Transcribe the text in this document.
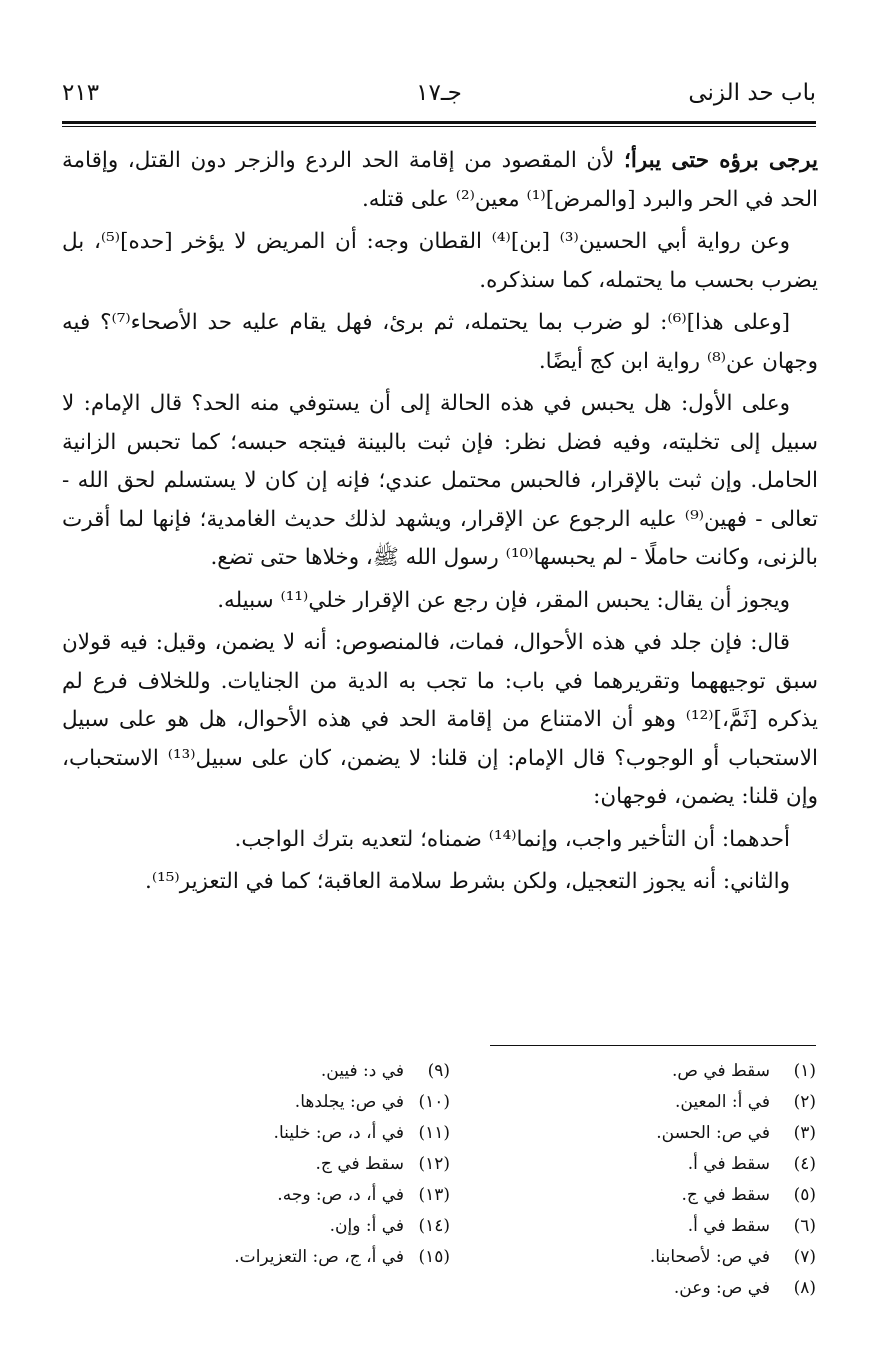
باب حد الزنى
جـ١٧
٢١٣

يرجى برؤه حتى يبرأ؛ لأن المقصود من إقامة الحد الردع والزجر دون القتل، وإقامة الحد في الحر والبرد [والمرض]⁽¹⁾ معين⁽²⁾ على قتله.

وعن رواية أبي الحسين⁽³⁾ [بن]⁽⁴⁾ القطان وجه: أن المريض لا يؤخر [حده]⁽⁵⁾، بل يضرب بحسب ما يحتمله، كما سنذكره.

[وعلى هذا]⁽⁶⁾: لو ضرب بما يحتمله، ثم برئ، فهل يقام عليه حد الأصحاء⁽⁷⁾؟ فيه وجهان عن⁽⁸⁾ رواية ابن كج أيضًا.

وعلى الأول: هل يحبس في هذه الحالة إلى أن يستوفي منه الحد؟ قال الإمام: لا سبيل إلى تخليته، وفيه فضل نظر: فإن ثبت بالبينة فيتجه حبسه؛ كما تحبس الزانية الحامل. وإن ثبت بالإقرار، فالحبس محتمل عندي؛ فإنه إن كان لا يستسلم لحق الله - تعالى - فهين⁽⁹⁾ عليه الرجوع عن الإقرار، ويشهد لذلك حديث الغامدية؛ فإنها لما أقرت بالزنى، وكانت حاملًا - لم يحبسها⁽¹⁰⁾ رسول الله ﷺ، وخلاها حتى تضع.

ويجوز أن يقال: يحبس المقر، فإن رجع عن الإقرار خلي⁽¹¹⁾ سبيله.

قال: فإن جلد في هذه الأحوال، فمات، فالمنصوص: أنه لا يضمن، وقيل: فيه قولان سبق توجيههما وتقريرهما في باب: ما تجب به الدية من الجنايات. وللخلاف فرع لم يذكره [ثَمَّ،]⁽¹²⁾ وهو أن الامتناع من إقامة الحد في هذه الأحوال، هل هو على سبيل الاستحباب أو الوجوب؟ قال الإمام: إن قلنا: لا يضمن، كان على سبيل⁽¹³⁾ الاستحباب، وإن قلنا: يضمن، فوجهان:

أحدهما: أن التأخير واجب، وإنما⁽¹⁴⁾ ضمناه؛ لتعديه بترك الواجب.

والثاني: أنه يجوز التعجيل، ولكن بشرط سلامة العاقبة؛ كما في التعزير⁽¹⁵⁾.

(١)سقط في ص.
(٢)في أ: المعين.
(٣)في ص: الحسن.
(٤)سقط في أ.
(٥)سقط في ج.
(٦)سقط في أ.
(٧)في ص: لأصحابنا.
(٨)في ص: وعن.
(٩)في د: فيين.
(١٠)في ص: يجلدها.
(١١)في أ، د، ص: خلينا.
(١٢)سقط في ج.
(١٣)في أ، د، ص: وجه.
(١٤)في أ: وإن.
(١٥)في أ، ج، ص: التعزيرات.
